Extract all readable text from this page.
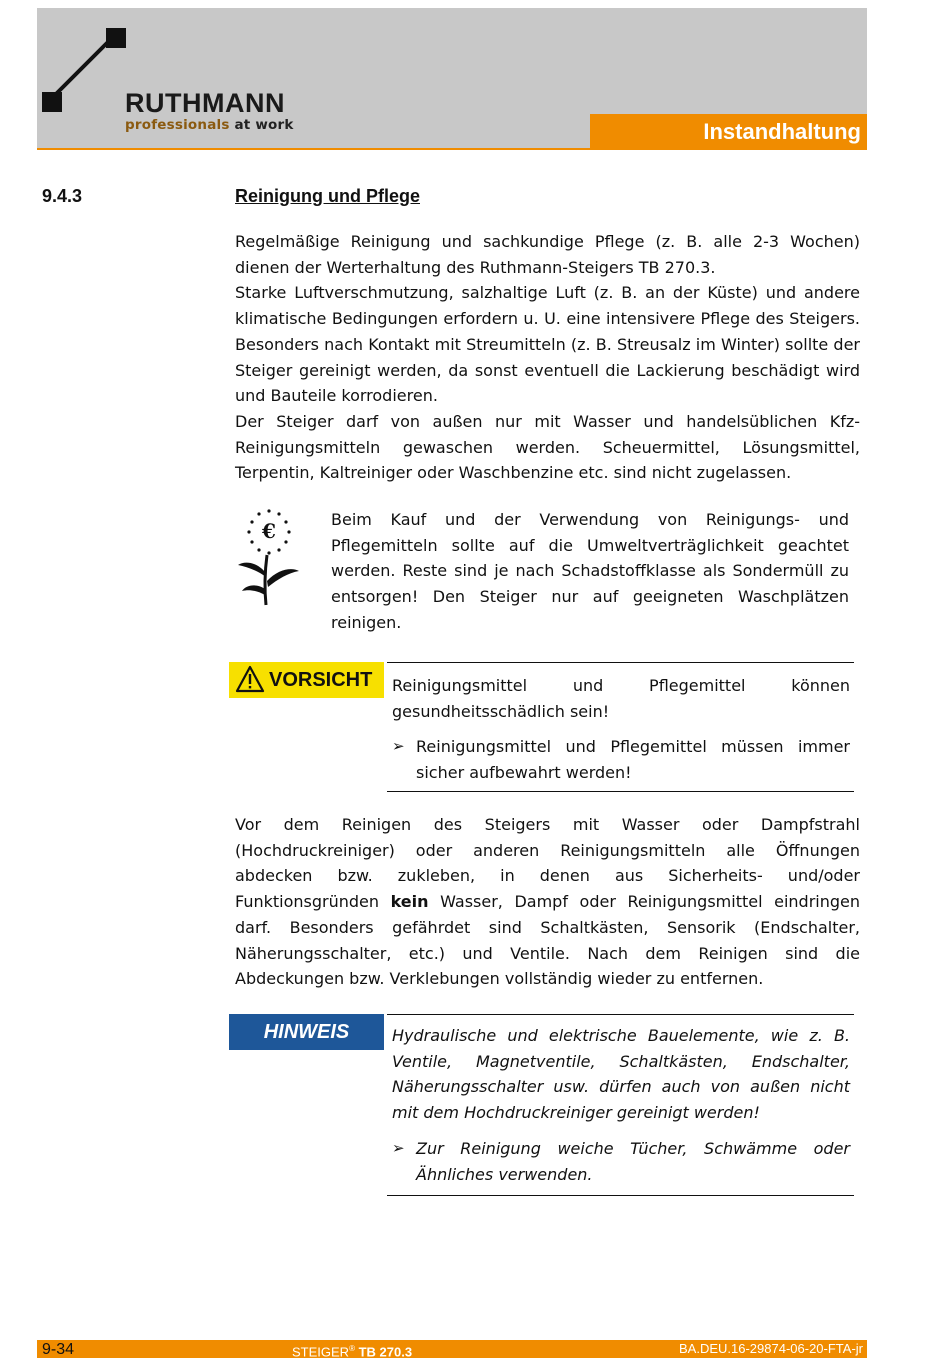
Instandhaltung
RUTHMANN
professionals at work
9.4.3	Reinigung und Pflege
Regelmäßige Reinigung und sachkundige Pflege (z. B. alle 2-3 Wochen) dienen der Werterhaltung des Ruthmann-Steigers TB 270.3.
Starke Luftverschmutzung, salzhaltige Luft (z. B. an der Küste) und andere klimatische Bedingungen erfordern u. U. eine intensivere Pflege des Steigers. Besonders nach Kontakt mit Streumitteln (z. B. Streusalz im Winter) sollte der Steiger gereinigt werden, da sonst eventuell die Lackierung beschädigt wird und Bauteile korrodieren.
Der Steiger darf von außen nur mit Wasser und handelsüblichen Kfz-Reinigungsmitteln gewaschen werden. Scheuermittel, Lösungsmittel, Terpentin, Kaltreiniger oder Waschbenzine etc. sind nicht zugelassen.
€	Beim Kauf und der Verwendung von Reinigungs- und Pflegemitteln sollte auf die Umweltverträglichkeit geachtet werden. Reste sind je nach Schadstoffklasse als Sondermüll zu entsorgen! Den Steiger nur auf geeigneten Waschplätzen reinigen.
VORSICHT	Reinigungsmittel und Pflegemittel können gesundheitsschädlich sein!
➢ Reinigungsmittel und Pflegemittel müssen immer sicher aufbewahrt werden!
Vor dem Reinigen des Steigers mit Wasser oder Dampfstrahl (Hochdruckreiniger) oder anderen Reinigungsmitteln alle Öffnungen abdecken bzw. zukleben, in denen aus Sicherheits- und/oder Funktionsgründen kein Wasser, Dampf oder Reinigungsmittel eindringen darf. Besonders gefährdet sind Schaltkästen, Sensorik (Endschalter, Näherungsschalter, etc.) und Ventile. Nach dem Reinigen sind die Abdeckungen bzw. Verklebungen vollständig wieder zu entfernen.
HINWEIS	Hydraulische und elektrische Bauelemente, wie z. B. Ventile, Magnetventile, Schaltkästen, Endschalter, Näherungsschalter usw. dürfen auch von außen nicht mit dem Hochdruckreiniger gereinigt werden!
➢ Zur Reinigung weiche Tücher, Schwämme oder Ähnliches verwenden.
9-34	STEIGER® TB 270.3	BA.DEU.16-29874-06-20-FTA-jr
